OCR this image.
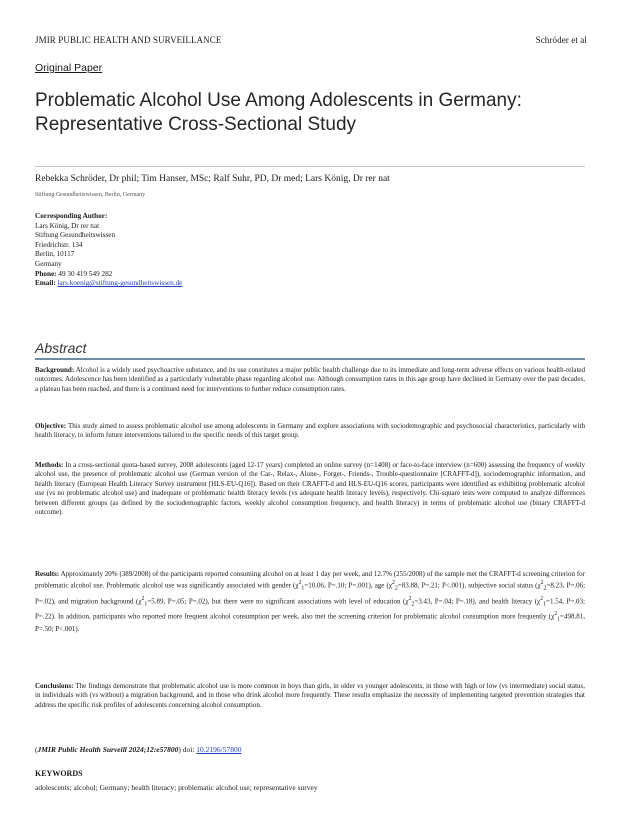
JMIR PUBLIC HEALTH AND SURVEILLANCE	Schröder et al
Original Paper
Problematic Alcohol Use Among Adolescents in Germany:
Representative Cross-Sectional Study
Rebekka Schröder, Dr phil; Tim Hanser, MSc; Ralf Suhr, PD, Dr med; Lars König, Dr rer nat
Stiftung Gesundheitswissen, Berlin, Germany
Corresponding Author:
Lars König, Dr rer nat
Stiftung Gesundheitswissen
Friedrichstr. 134
Berlin, 10117
Germany
Phone: 49 30 419 549 282
Email: lars.koenig@stiftung-gesundheitswissen.de
Abstract
Background: Alcohol is a widely used psychoactive substance, and its use constitutes a major public health challenge due to its immediate and long-term adverse effects on various health-related outcomes. Adolescence has been identified as a particularly vulnerable phase regarding alcohol use. Although consumption rates in this age group have declined in Germany over the past decades, a plateau has been reached, and there is a continued need for interventions to further reduce consumption rates.
Objective: This study aimed to assess problematic alcohol use among adolescents in Germany and explore associations with sociodemographic and psychosocial characteristics, particularly with health literacy, to inform future interventions tailored to the specific needs of this target group.
Methods: In a cross-sectional quota-based survey, 2008 adolescents (aged 12-17 years) completed an online survey (n=1408) or face-to-face interview (n=600) assessing the frequency of weekly alcohol use, the presence of problematic alcohol use (German version of the Car-, Relax-, Alone-, Forget-, Friends-, Trouble-questionnaire [CRAFFT-d]), sociodemographic information, and health literacy (European Health Literacy Survey instrument [HLS-EU-Q16]). Based on their CRAFFT-d and HLS-EU-Q16 scores, participants were identified as exhibiting problematic alcohol use (vs no problematic alcohol use) and inadequate or problematic health literacy levels (vs adequate health literacy levels), respectively. Chi-square tests were computed to analyze differences between different groups (as defined by the sociodemographic factors, weekly alcohol consumption frequency, and health literacy) in terms of problematic alcohol use (binary CRAFFT-d outcome).
Results: Approximately 20% (389/2008) of the participants reported consuming alcohol on at least 1 day per week, and 12.7% (255/2008) of the sample met the CRAFFT-d screening criterion for problematic alcohol use. Problematic alcohol use was significantly associated with gender ($\chi^2_1=10.06$, P=.10; P=.001), age ($\chi^2_2=83.88$, P=.21; P<.001), subjective social status ($\chi^2_2=8.23$, P=.06; P=.02), and migration background ($\chi^2_1=5.89$, P=.05; P=.02), but there were no significant associations with level of education ($\chi^2_2=3.43$, P=.04; P=.18), and health literacy ($\chi^2_1=1.54$, P=.03; P=.22). In addition, participants who reported more frequent alcohol consumption per week, also met the screening criterion for problematic alcohol consumption more frequently ($\chi^2_1=498.81$, P=.50; P<.001).
Conclusions: The findings demonstrate that problematic alcohol use is more common in boys than girls, in older vs younger adolescents, in those with high or low (vs intermediate) social status, in individuals with (vs without) a migration background, and in those who drink alcohol more frequently. These results emphasize the necessity of implementing targeted prevention strategies that address the specific risk profiles of adolescents concerning alcohol consumption.
(JMIR Public Health Surveill 2024;12:e57800) doi: 10.2196/57800
KEYWORDS
adolescents; alcohol; Germany; health literacy; problematic alcohol use; representative survey
